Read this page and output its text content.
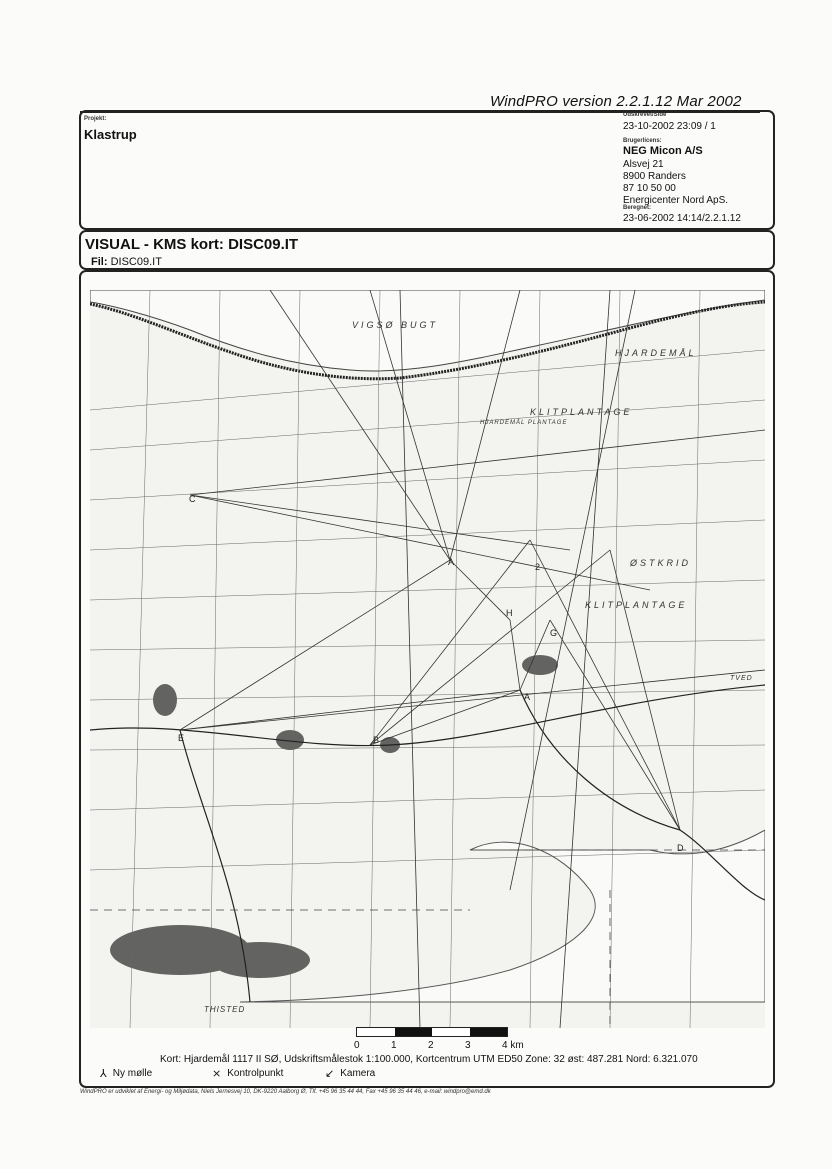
WindPRO version 2.2.1.12 Mar 2002
Projekt:
Klastrup
Udskrevet/Side
23-10-2002 23:09 / 1
Brugerlicens:
NEG Micon A/S
Alsvej 21
8900 Randers
87 10 50 00
Energicenter Nord ApS.
Beregnet:
23-06-2002 14:14/2.2.1.12
VISUAL - KMS kort: DISC09.IT
Fil: DISC09.IT
VIGSØ BUGT
HJARDEMÅL
KLITPLANTAGE
HJARDEMÅL PLANTAGE
ØSTKRID
KLITPLANTAGE
THISTED
TVED
C
A	2
H
G
A
E	B
D
0	1	2	3	4 km
Kort: Hjardemål 1117 II SØ, Udskriftsmålestok 1:100.000, Kortcentrum UTM ED50 Zone: 32 øst: 487.281 Nord: 6.321.070
⅄ Ny mølle	⨯ Kontrolpunkt	↙ Kamera
WindPRO er udviklet af Energi- og Miljødata, Niels Jernesvej 10, DK-9220 Aalborg Ø, Tlf. +45 96 35 44 44, Fax +45 96 35 44 46, e-mail: windpro@emd.dk
